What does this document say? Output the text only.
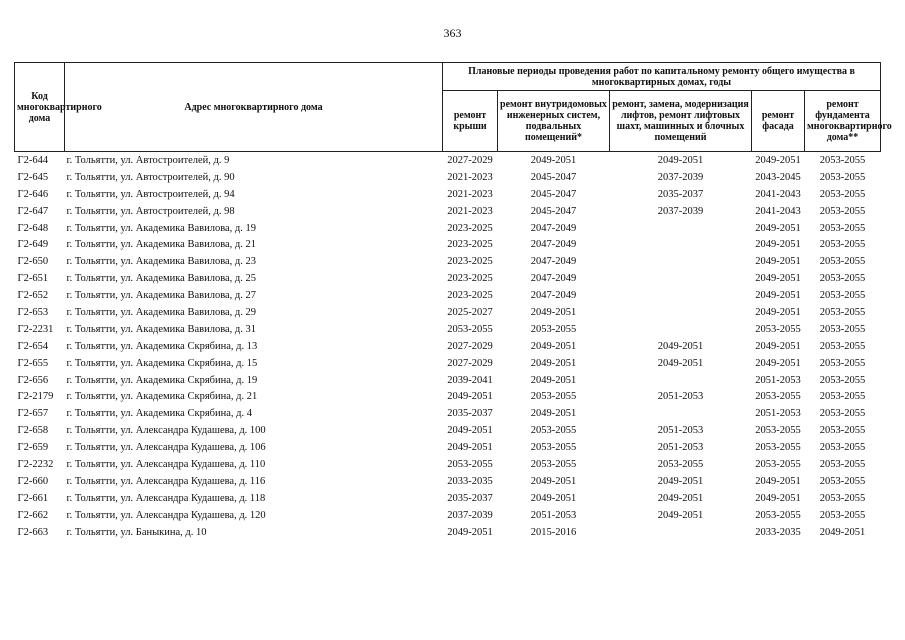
363
Код многоквартирного дома	Адрес многоквартирного дома	Плановые периоды проведения работ по капитальному ремонту общего имущества в многоквартирных домах, годы				
		ремонт крыши	ремонт внутридомовых инженерных систем, подвальных помещений*	ремонт, замена, модернизация лифтов, ремонт лифтовых шахт, машинных и блочных помещений	ремонт фасада	ремонт фундамента многоквартирного дома**
Г2-644	г. Тольятти, ул. Автостроителей, д. 9	2027-2029	2049-2051	2049-2051	2049-2051	2053-2055
Г2-645	г. Тольятти, ул. Автостроителей, д. 90	2021-2023	2045-2047	2037-2039	2043-2045	2053-2055
Г2-646	г. Тольятти, ул. Автостроителей, д. 94	2021-2023	2045-2047	2035-2037	2041-2043	2053-2055
Г2-647	г. Тольятти, ул. Автостроителей, д. 98	2021-2023	2045-2047	2037-2039	2041-2043	2053-2055
Г2-648	г. Тольятти, ул. Академика Вавилова, д. 19	2023-2025	2047-2049		2049-2051	2053-2055
Г2-649	г. Тольятти, ул. Академика Вавилова, д. 21	2023-2025	2047-2049		2049-2051	2053-2055
Г2-650	г. Тольятти, ул. Академика Вавилова, д. 23	2023-2025	2047-2049		2049-2051	2053-2055
Г2-651	г. Тольятти, ул. Академика Вавилова, д. 25	2023-2025	2047-2049		2049-2051	2053-2055
Г2-652	г. Тольятти, ул. Академика Вавилова, д. 27	2023-2025	2047-2049		2049-2051	2053-2055
Г2-653	г. Тольятти, ул. Академика Вавилова, д. 29	2025-2027	2049-2051		2049-2051	2053-2055
Г2-2231	г. Тольятти, ул. Академика Вавилова, д. 31	2053-2055	2053-2055		2053-2055	2053-2055
Г2-654	г. Тольятти, ул. Академика Скрябина, д. 13	2027-2029	2049-2051	2049-2051	2049-2051	2053-2055
Г2-655	г. Тольятти, ул. Академика Скрябина, д. 15	2027-2029	2049-2051	2049-2051	2049-2051	2053-2055
Г2-656	г. Тольятти, ул. Академика Скрябина, д. 19	2039-2041	2049-2051		2051-2053	2053-2055
Г2-2179	г. Тольятти, ул. Академика Скрябина, д. 21	2049-2051	2053-2055	2051-2053	2053-2055	2053-2055
Г2-657	г. Тольятти, ул. Академика Скрябина, д. 4	2035-2037	2049-2051		2051-2053	2053-2055
Г2-658	г. Тольятти, ул. Александра Кудашева, д. 100	2049-2051	2053-2055	2051-2053	2053-2055	2053-2055
Г2-659	г. Тольятти, ул. Александра Кудашева, д. 106	2049-2051	2053-2055	2051-2053	2053-2055	2053-2055
Г2-2232	г. Тольятти, ул. Александра Кудашева, д. 110	2053-2055	2053-2055	2053-2055	2053-2055	2053-2055
Г2-660	г. Тольятти, ул. Александра Кудашева, д. 116	2033-2035	2049-2051	2049-2051	2049-2051	2053-2055
Г2-661	г. Тольятти, ул. Александра Кудашева, д. 118	2035-2037	2049-2051	2049-2051	2049-2051	2053-2055
Г2-662	г. Тольятти, ул. Александра Кудашева, д. 120	2037-2039	2051-2053	2049-2051	2053-2055	2053-2055
Г2-663	г. Тольятти, ул. Баныкина, д. 10	2049-2051	2015-2016		2033-2035	2049-2051
